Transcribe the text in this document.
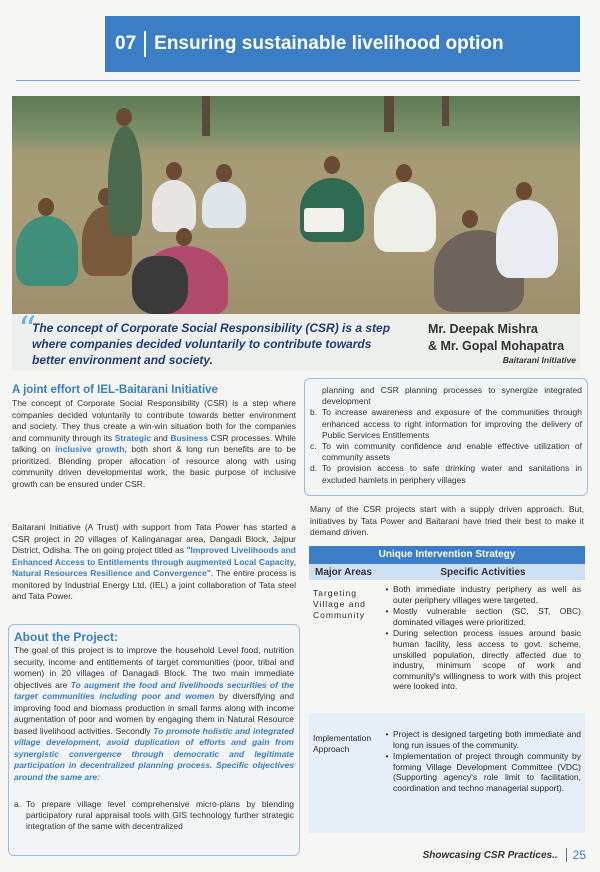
07 Ensuring sustainable livelihood option
“
The concept of Corporate Social Responsibility (CSR) is a step where companies decided voluntarily to contribute towards better environment and society.
Mr. Deepak Mishra
& Mr. Gopal Mohapatra
Baitarani Initiative
A joint effort of IEL-Baitarani Initiative
The concept of Corporate Social Responsibility (CSR) is a step where companies decided voluntarily to contribute towards better environment and society. They thus create a win-win situation both for the companies and community through its Strategic and Business CSR processes. While talking on inclusive growth, both short & long run benefits are to be prioritized. Blending proper allocation of resource along with using community driven developmental work, the basic purpose of inclusive growth can be ensured under CSR.
Baitarani Initiative (A Trust) with support from Tata Power has started a CSR project in 20 villages of Kalinganagar area, Dangadi Block, Jajpur District, Odisha. The on going project titled as "Improved Livelihoods and Enhanced Access to Entitlements through augmented Local Capacity, Natural Resources Resilience and Convergence". The entire process is monitored by Industrial Energy Ltd. (IEL) a joint collaboration of Tata steel and Tata Power.
About the Project:
The goal of this project is to improve the household Level food, nutrition security, income and entitlements of target communities (poor, tribal and women) in 20 villages of Danagadi Block. The two main immediate objectives are To augment the food and livelihoods securities of the target communities including poor and women by diversifying and improving food and biomass production in small farms along with income augmentation of poor and women by engaging them in Natural Resource based livelihood activities. Secondly To promote holistic and integrated village development, avoid duplication of efforts and gain from synergistic convergence through democratic and legitimate participation in decentralized planning process. Specific objectives around the same are:
a. To prepare village level comprehensive micro-plans by blending participatory rural appraisal tools with GIS technology further strategic integration of the same with decentralized
planning and CSR planning processes to synergize integrated development
b. To increase awareness and exposure of the communities through enhanced access to right information for improving the delivery of Public Services Entitlements
c. To win community confidence and enable effective utilization of community assets
d. To provision access to safe drinking water and sanitations in excluded hamlets in periphery villages
Many of the CSR projects start with a supply driven approach. But, initiatives by Tata Power and Baitarani have tried their best to make it demand driven.
Unique Intervention Strategy
Major Areas	Specific Activities
Targeting Village and Community
• Both immediate industry periphery as well as outer periphery villages were targeted.
• Mostly vulnerable section (SC, ST, OBC) dominated villages were prioritized.
• During selection process issues around basic human facility, less access to govt. scheme, unskilled population, directly affected due to industry, minimum scope of work and community's willingness to work with this project were looked into.
Implementation Approach
• Project is designed targeting both immediate and long run issues of the community.
• Implementation of project through community by forming Village Development Committee (VDC) (Supporting agency's role limit to facilitation, coordination and techno managerial support).
Showcasing CSR Practices.. 25
